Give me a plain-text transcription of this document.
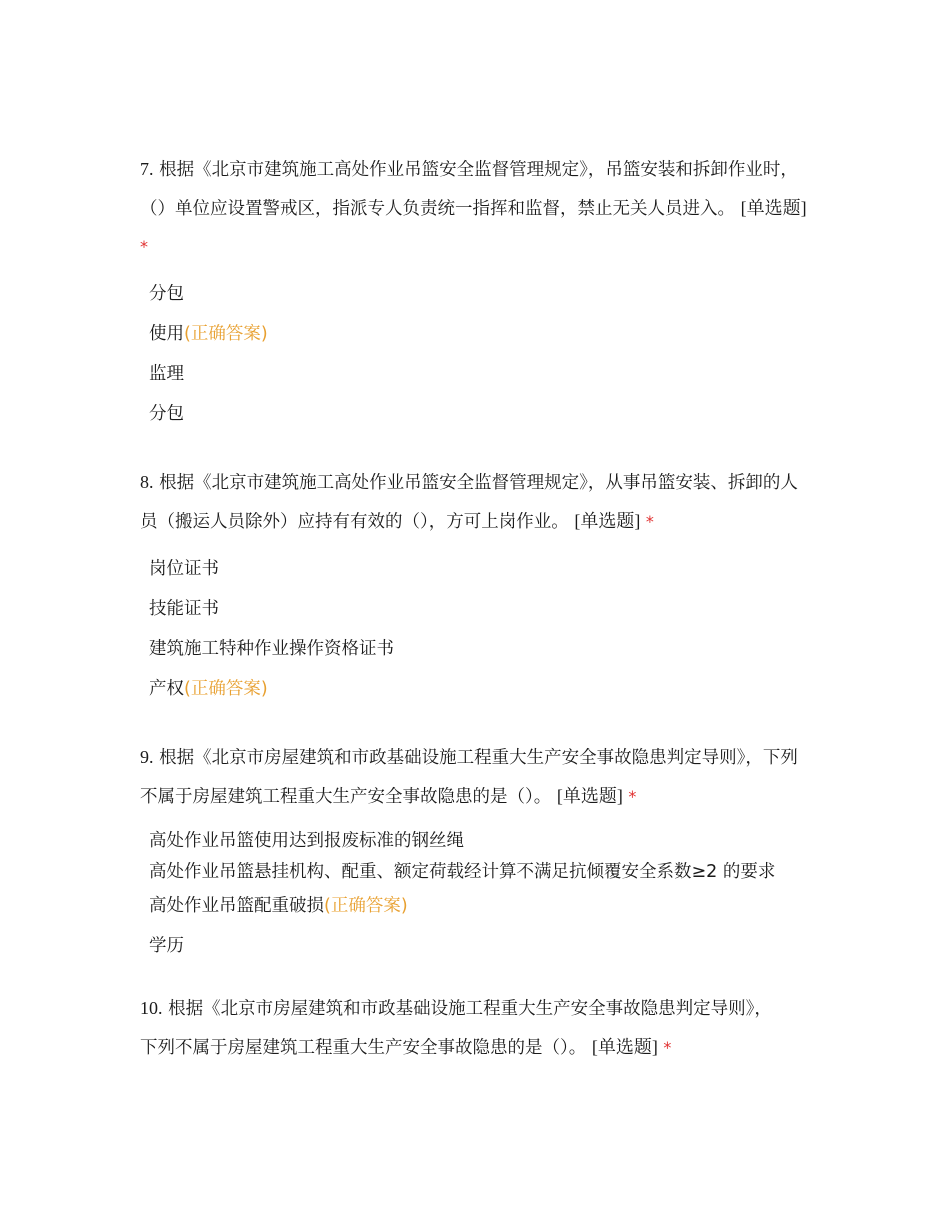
7. 根据《北京市建筑施工高处作业吊篮安全监督管理规定》，吊篮安装和拆卸作业时，（）单位应设置警戒区，指派专人负责统一指挥和监督，禁止无关人员进入。 [单选题] *

分包
使用(正确答案)
监理
分包

8. 根据《北京市建筑施工高处作业吊篮安全监督管理规定》，从事吊篮安装、拆卸的人员（搬运人员除外）应持有有效的（），方可上岗作业。 [单选题] *

岗位证书
技能证书
建筑施工特种作业操作资格证书
产权(正确答案)

9. 根据《北京市房屋建筑和市政基础设施工程重大生产安全事故隐患判定导则》，下列不属于房屋建筑工程重大生产安全事故隐患的是（）。 [单选题] *

高处作业吊篮使用达到报废标准的钢丝绳
高处作业吊篮悬挂机构、配重、额定荷载经计算不满足抗倾覆安全系数≥2 的要求
高处作业吊篮配重破损(正确答案)
学历

10. 根据《北京市房屋建筑和市政基础设施工程重大生产安全事故隐患判定导则》，下列不属于房屋建筑工程重大生产安全事故隐患的是（）。 [单选题] *
